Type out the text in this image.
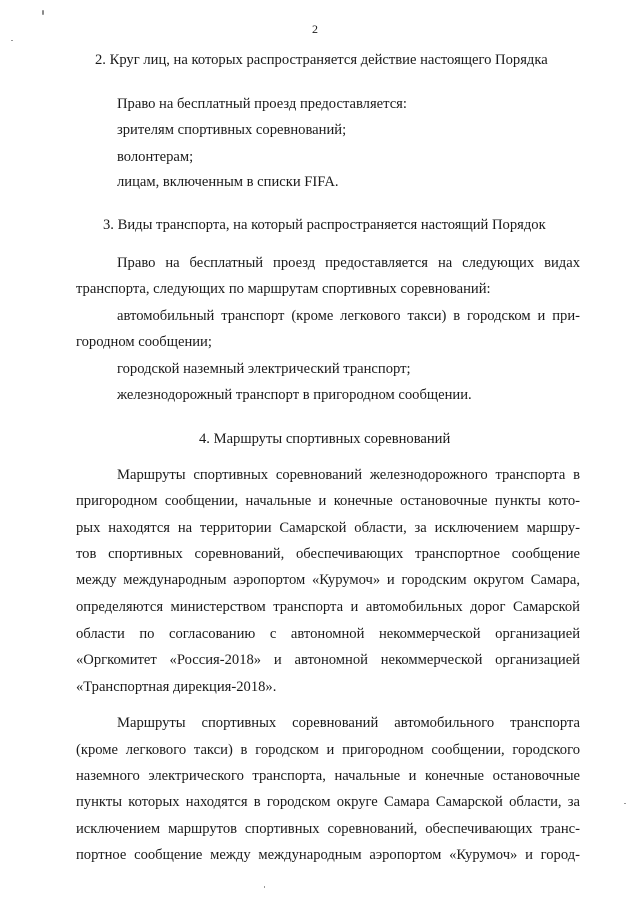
2
2. Круг лиц, на которых распространяется действие настоящего Порядка
Право на бесплатный проезд предоставляется:
зрителям спортивных соревнований;
волонтерам;
лицам, включенным в списки FIFA.
3. Виды транспорта, на который распространяется настоящий Порядок
Право на бесплатный проезд предоставляется на следующих видах
транспорта, следующих по маршрутам спортивных соревнований:
автомобильный транспорт (кроме легкового такси) в городском и при-
городном сообщении;
городской наземный электрический транспорт;
железнодорожный транспорт в пригородном сообщении.
4. Маршруты спортивных соревнований
Маршруты спортивных соревнований железнодорожного транспорта в
пригородном сообщении, начальные и конечные остановочные пункты кото-
рых находятся на территории Самарской области, за исключением маршру-
тов спортивных соревнований, обеспечивающих транспортное сообщение
между международным аэропортом «Курумоч» и городским округом Самара,
определяются министерством транспорта и автомобильных дорог Самарской
области по согласованию с автономной некоммерческой организацией
«Оргкомитет «Россия-2018» и автономной некоммерческой организацией
«Транспортная дирекция-2018».
Маршруты спортивных соревнований автомобильного транспорта
(кроме легкового такси) в городском и пригородном сообщении, городского
наземного электрического транспорта, начальные и конечные остановочные
пункты которых находятся в городском округе Самара Самарской области, за
исключением маршрутов спортивных соревнований, обеспечивающих транс-
портное сообщение между международным аэропортом «Курумоч» и город-
